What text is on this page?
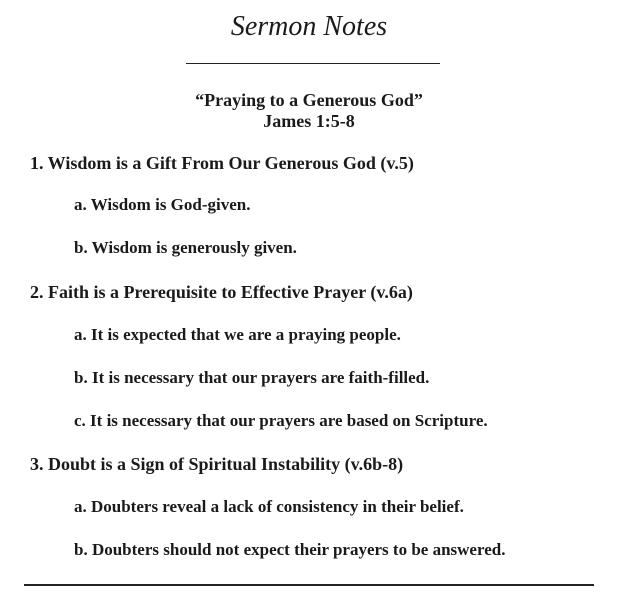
Sermon Notes
“Praying to a Generous God”
James 1:5-8
1. Wisdom is a Gift From Our Generous God (v.5)
a. Wisdom is God-given.
b. Wisdom is generously given.
2. Faith is a Prerequisite to Effective Prayer (v.6a)
a. It is expected that we are a praying people.
b. It is necessary that our prayers are faith-filled.
c. It is necessary that our prayers are based on Scripture.
3. Doubt is a Sign of Spiritual Instability (v.6b-8)
a. Doubters reveal a lack of consistency in their belief.
b. Doubters should not expect their prayers to be answered.
